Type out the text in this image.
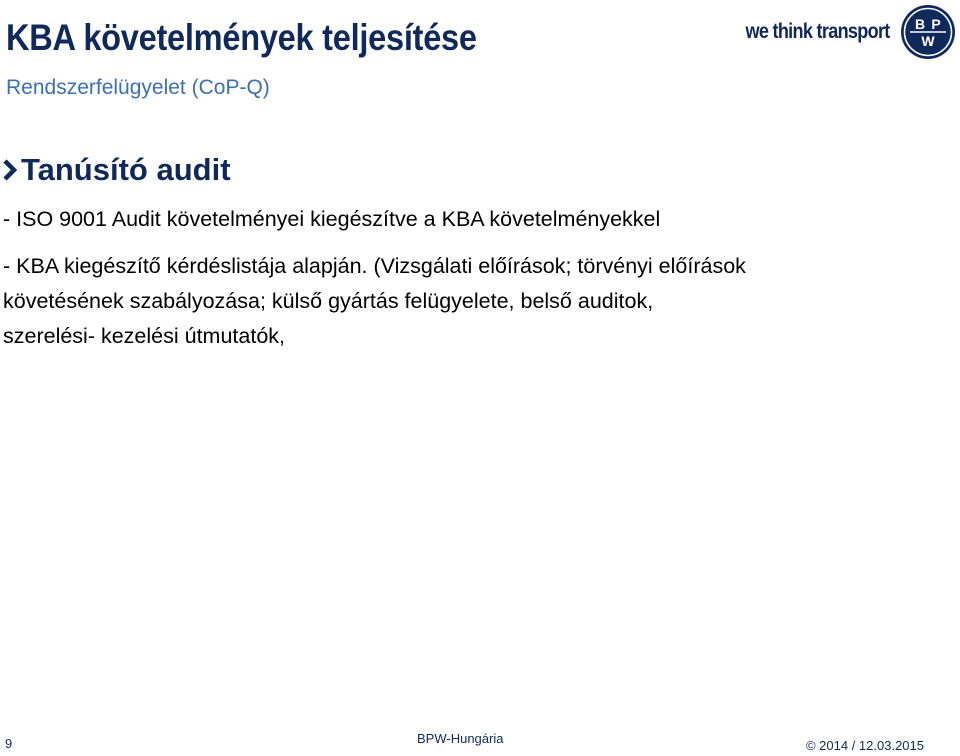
KBA követelmények teljesítése
Rendszerfelügyelet (CoP-Q)
we think transport B P
W
Tanúsító audit
- ISO 9001 Audit követelményei kiegészítve a KBA követelményekkel
- KBA kiegészítő kérdéslistája alapján. (Vizsgálati előírások; törvényi előírások
követésének szabályozása; külső gyártás felügyelete, belső auditok,
szerelési- kezelési útmutatók,
9	BPW-Hungária	© 2014 / 12.03.2015
